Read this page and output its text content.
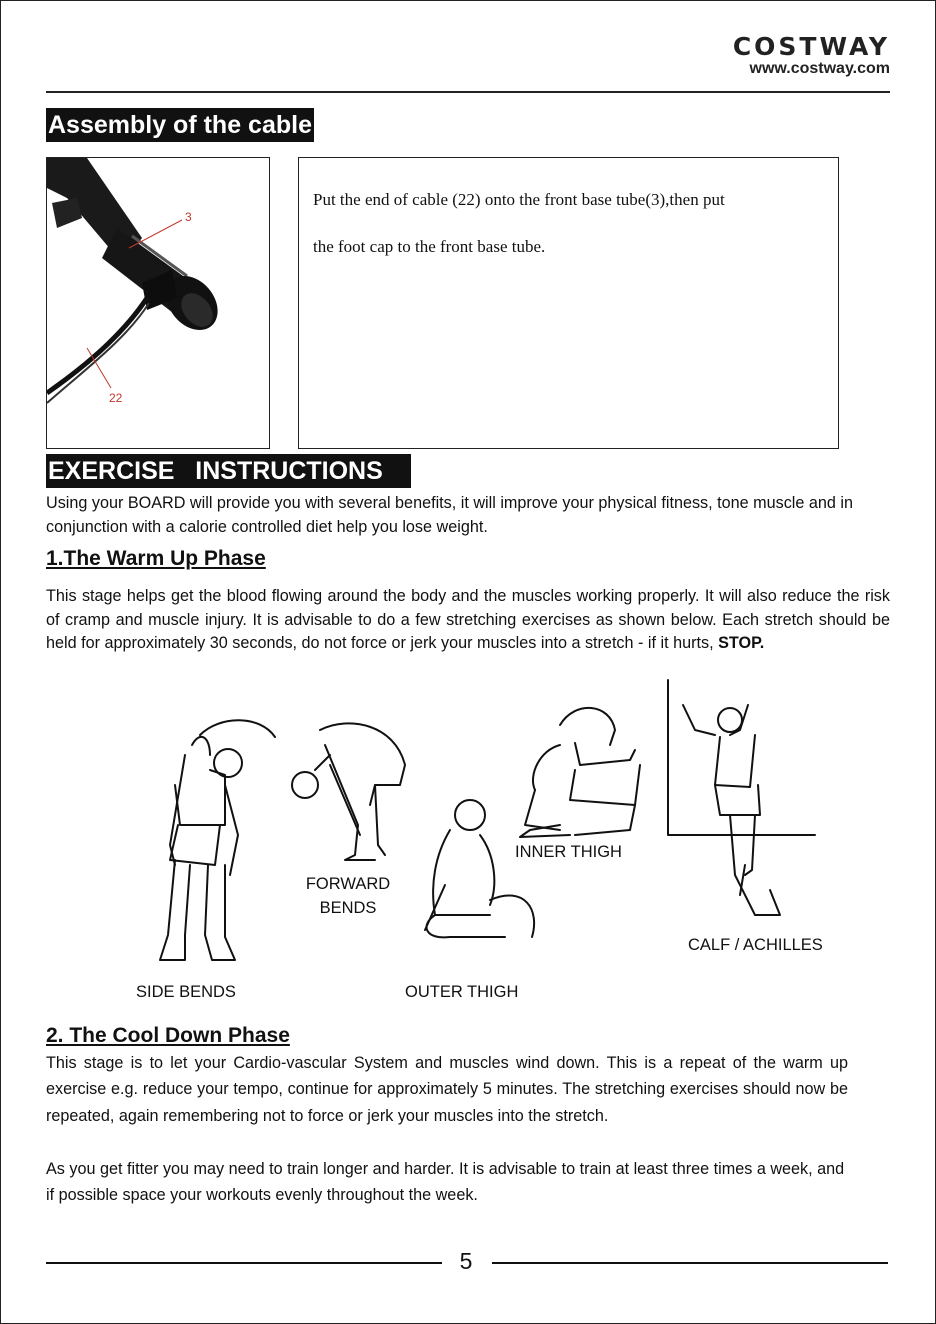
COSTWAY
www.costway.com
Assembly of the cable
3
22
Put the end of cable (22) onto the front base tube(3),then put
the foot cap to the front base tube.
EXERCISE   INSTRUCTIONS
Using your BOARD will provide you with several benefits, it will improve your physical fitness, tone muscle and in conjunction with a calorie controlled diet help you lose weight.
1.The Warm Up Phase
This stage helps get the blood flowing around the body and the muscles working properly. It will also reduce the risk of cramp and muscle injury. It is advisable to do a few stretching exercises as shown below. Each stretch should be held for approximately 30 seconds, do not force or jerk your muscles into a stretch - if it hurts, STOP.
SIDE BENDS
FORWARD
BENDS
OUTER THIGH
INNER THIGH
CALF / ACHILLES
2. The Cool Down Phase
This stage is to let your Cardio-vascular System and muscles wind down. This is a repeat of the warm up exercise e.g. reduce your tempo, continue for approximately 5 minutes. The stretching exercises should now be repeated, again remembering not to force or jerk your muscles into the stretch.
As you get fitter you may need to train longer and harder. It is advisable to train at least three times a week, and if possible space your workouts evenly throughout the week.
5
